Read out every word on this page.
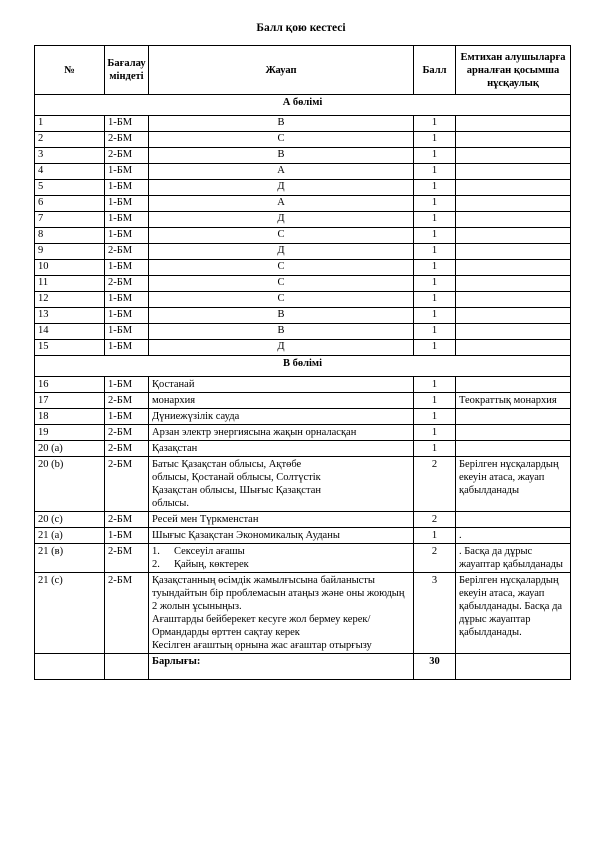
Балл қою кестесі
№	Бағалау міндеті	Жауап	Балл	Емтихан алушыларға арналған қосымша нұсқаулық
А бөлімі				
1	1-БМ	В	1	
2	2-БМ	С	1	
3	2-БМ	В	1	
4	1-БМ	А	1	
5	1-БМ	Д	1	
6	1-БМ	А	1	
7	1-БМ	Д	1	
8	1-БМ	С	1	
9	2-БМ	Д	1	
10	1-БМ	С	1	
11	2-БМ	С	1	
12	1-БМ	С	1	
13	1-БМ	В	1	
14	1-БМ	В	1	
15	1-БМ	Д	1	
В бөлімі				
16	1-БМ	Қостанай	1	
17	2-БМ	монархия	1	Теократтық монархия
18	1-БМ	Дүниежүзілік сауда	1	
19	2-БМ	Арзан электр энергиясына жақын орналасқан	1	
20 (a)	2-БМ	Қазақстан	1	
20 (b)	2-БМ	Батыс Қазақстан облысы, Ақтөбе
облысы, Қостанай облысы, Солтүстік
Қазақстан облысы, Шығыс Қазақстан
облысы.	2	Берілген нұсқалардың екеуін атаса, жауап қабылданады
20 (c)	2-БМ	Ресей мен Түркменстан	2	
21 (a)	1-БМ	Шығыс Қазақстан Экономикалық Ауданы	1	.
21 (в)	2-БМ	1. Сексеуіл ағашы
2. Қайың, көктерек	2	. Басқа да дұрыс жауаптар қабылданады
21 (c)	2-БМ	Қазақстанның өсімдік жамылғысына байланысты туындайтын бір проблемасын атаңыз және оны жоюдың 2 жолын ұсыныңыз.
Ағаштарды бейберекет кесуге жол бермеу керек/
Ормандарды өрттен сақтау керек
Кесілген ағаштың орнына жас ағаштар отырғызу	3	Берілген нұсқалардың екеуін атаса, жауап қабылданады. Басқа да дұрыс жауаптар қабылданады.
		Барлығы:	30	
